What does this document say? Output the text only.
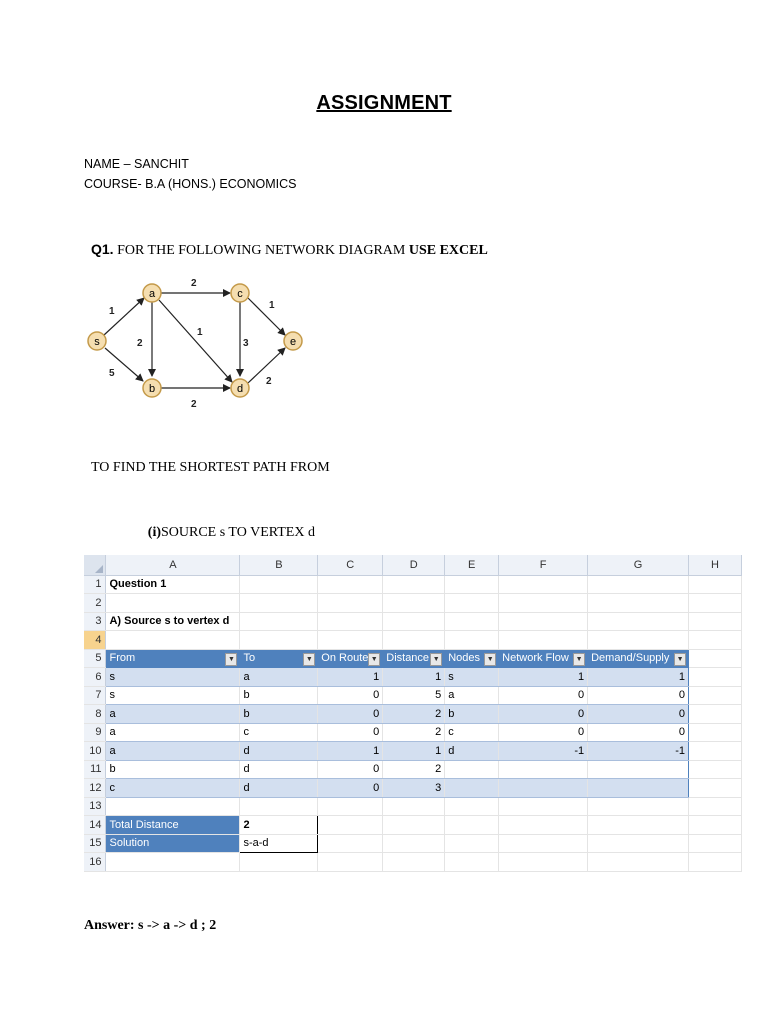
ASSIGNMENT
NAME – SANCHIT
COURSE- B.A (HONS.) ECONOMICS
Q1. FOR THE FOLLOWING NETWORK DIAGRAM USE EXCEL
1
5
2
2
1
3
2
1
2
s
a
b
c
d
e
TO FIND THE SHORTEST PATH FROM
(i)SOURCE s TO VERTEX d
	A	B	C	D	E	F	G	H
1	Question 1							
2								
3	A) Source s to vertex d							
4								
5	From ▼	To ▼	On Route ▼	Distance ▼	Nodes ▼	Network Flow ▼	Demand/Supply ▼	

6	s	a	1	1	s	1	1	
7	s	b	0	5	a	0	0	
8	a	b	0	2	b	0	0	
9	a	c	0	2	c	0	0	
10	a	d	1	1	d	-1	-1	
11	b	d	0	2				
12	c	d	0	3				
13								
14	Total Distance	2						
15	Solution	s-a-d						
16								
Answer: s -> a -> d ; 2
